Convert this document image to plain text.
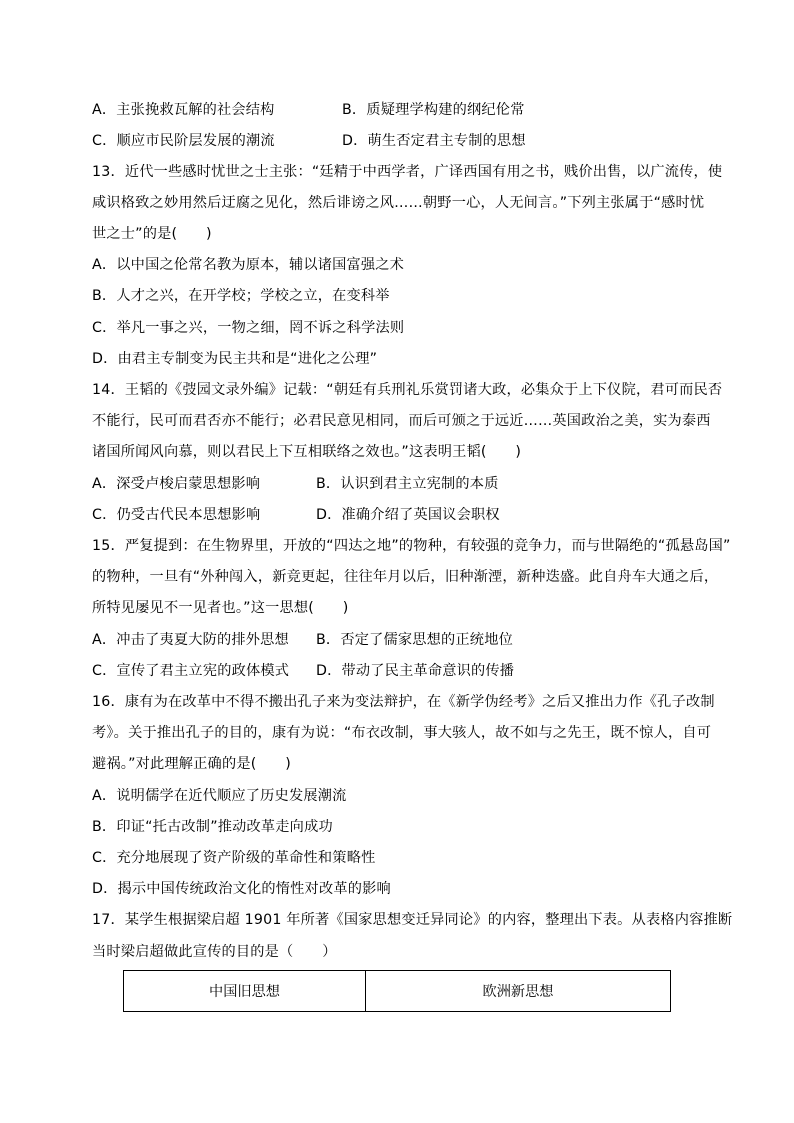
A．主张挽救瓦解的社会结构	B．质疑理学构建的纲纪伦常
C．顺应市民阶层发展的潮流	D．萌生否定君主专制的思想
13．近代一些感时忧世之士主张：“廷精于中西学者，广译西国有用之书，贱价出售，以广流传，使
咸识格致之妙用然后迂腐之见化，然后诽谤之风……朝野一心，人无间言。”下列主张属于“感时忧
世之士”的是(　　)
A．以中国之伦常名教为原本，辅以诸国富强之术
B．人才之兴，在开学校；学校之立，在变科举
C．举凡一事之兴，一物之细，罔不诉之科学法则
D．由君主专制变为民主共和是“进化之公理”
14．王韬的《弢园文录外编》记载：“朝廷有兵刑礼乐赏罚诸大政，必集众于上下仪院，君可而民否
不能行，民可而君否亦不能行；必君民意见相同，而后可颁之于远近……英国政治之美，实为泰西
诸国所闻风向慕，则以君民上下互相联络之效也。”这表明王韬(　　)
A．深受卢梭启蒙思想影响	B．认识到君主立宪制的本质
C．仍受古代民本思想影响	D．准确介绍了英国议会职权
15．严复提到：在生物界里，开放的“四达之地”的物种，有较强的竞争力，而与世隔绝的“孤悬岛国”
的物种，一旦有“外种闯入，新竞更起，往往年月以后，旧种渐湮，新种迭盛。此自舟车大通之后，
所特见屡见不一见者也。”这一思想(　　)
A．冲击了夷夏大防的排外思想 B．否定了儒家思想的正统地位
C．宣传了君主立宪的政体模式 D．带动了民主革命意识的传播
16．康有为在改革中不得不搬出孔子来为变法辩护，在《新学伪经考》之后又推出力作《孔子改制
考》。关于推出孔子的目的，康有为说：“布衣改制，事大骇人，故不如与之先王，既不惊人，自可
避祸。”对此理解正确的是(　　)
A．说明儒学在近代顺应了历史发展潮流
B．印证“托古改制”推动改革走向成功
C．充分地展现了资产阶级的革命性和策略性
D．揭示中国传统政治文化的惰性对改革的影响
17．某学生根据梁启超 1901 年所著《国家思想变迁异同论》的内容，整理出下表。从表格内容推断
当时梁启超做此宣传的目的是（　　）
中国旧思想	欧洲新思想
